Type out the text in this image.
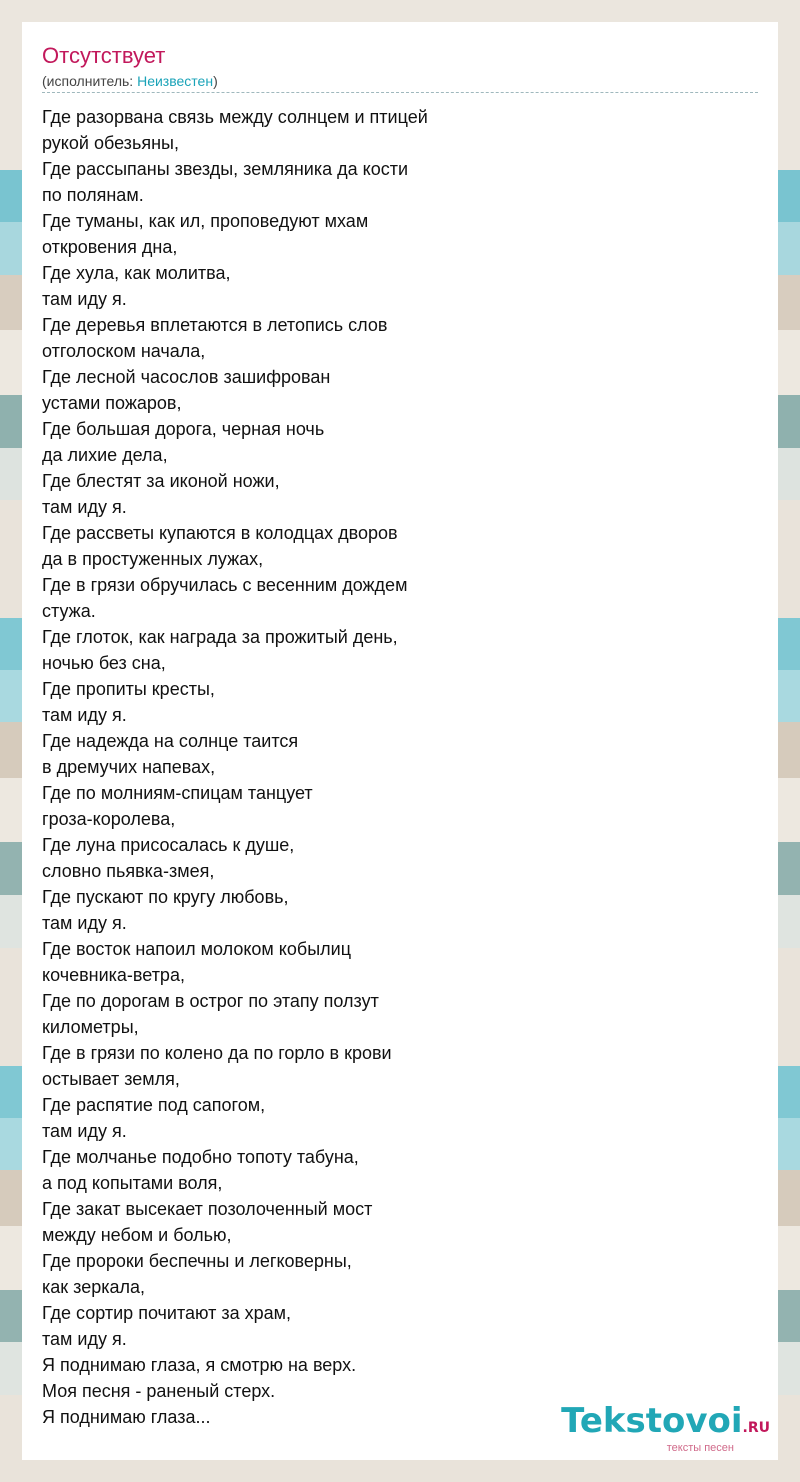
Отсутствует
(исполнитель: Неизвестен)
Где разорвана связь между солнцем и птицей
рукой обезьяны,
Где рассыпаны звезды, земляника да кости
по полянам.
Где туманы, как ил, проповедуют мхам
откровения дна,
Где хула, как молитва,
там иду я.
Где деревья вплетаются в летопись слов
отголоском начала,
Где лесной часослов зашифрован
устами пожаров,
Где большая дорога, черная ночь
да лихие дела,
Где блестят за иконой ножи,
там иду я.
Где рассветы купаются в колодцах дворов
да в простуженных лужах,
Где в грязи обручилась с весенним дождем
стужа.
Где глоток, как награда за прожитый день,
ночью без сна,
Где пропиты кресты,
там иду я.
Где надежда на солнце таится
в дремучих напевах,
Где по молниям-спицам танцует
гроза-королева,
Где луна присосалась к душе,
словно пьявка-змея,
Где пускают по кругу любовь,
там иду я.
Где восток напоил молоком кобылиц
кочевника-ветра,
Где по дорогам в острог по этапу ползут
километры,
Где в грязи по колено да по горло в крови
остывает земля,
Где распятие под сапогом,
там иду я.
Где молчанье подобно топоту табуна,
а под копытами воля,
Где закат высекает позолоченный мост
между небом и болью,
Где пророки беспечны и легковерны,
как зеркала,
Где сортир почитают за храм,
там иду я.
Я поднимаю глаза, я смотрю на верх.
Моя песня - раненый стерх.
Я поднимаю глаза...	Tekstovoi.RU
тексты песен
